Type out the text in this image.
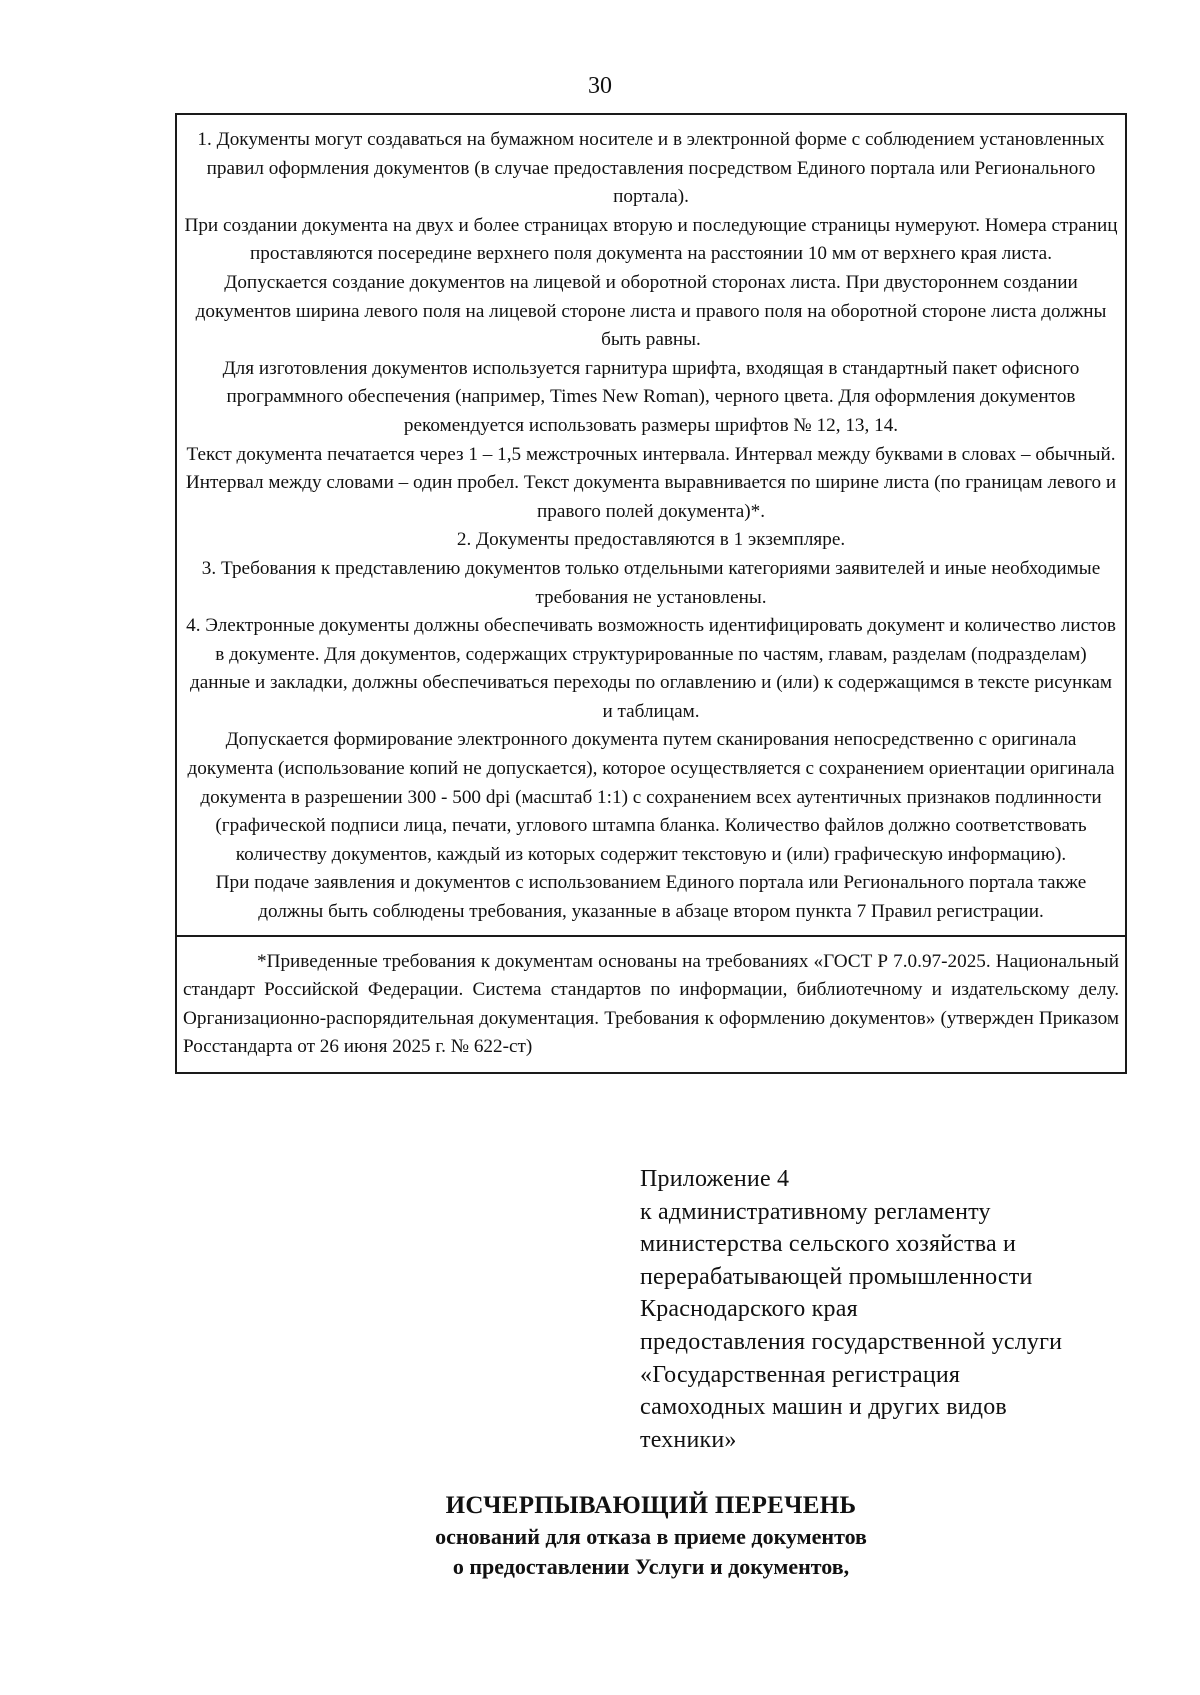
30

1. Документы могут создаваться на бумажном носителе и в электронной форме с соблюдением установленных правил оформления документов (в случае предоставления посредством Единого портала или Регионального портала).

При создании документа на двух и более страницах вторую и последующие страницы нумеруют. Номера страниц проставляются посередине верхнего поля документа на расстоянии 10 мм от верхнего края листа.

Допускается создание документов на лицевой и оборотной сторонах листа. При двустороннем создании документов ширина левого поля на лицевой стороне листа и правого поля на оборотной стороне листа должны быть равны.

Для изготовления документов используется гарнитура шрифта, входящая в стандартный пакет офисного программного обеспечения (например, Times New Roman), черного цвета. Для оформления документов рекомендуется использовать размеры шрифтов № 12, 13, 14.

Текст документа печатается через 1 – 1,5 межстрочных интервала. Интервал между буквами в словах – обычный. Интервал между словами – один пробел. Текст документа выравнивается по ширине листа (по границам левого и правого полей документа)*.

2. Документы предоставляются в 1 экземпляре.

3. Требования к представлению документов только отдельными категориями заявителей и иные необходимые требования не установлены.

4. Электронные документы должны обеспечивать возможность идентифицировать документ и количество листов в документе. Для документов, содержащих структурированные по частям, главам, разделам (подразделам) данные и закладки, должны обеспечиваться переходы по оглавлению и (или) к содержащимся в тексте рисункам и таблицам.

Допускается формирование электронного документа путем сканирования непосредственно с оригинала документа (использование копий не допускается), которое осуществляется с сохранением ориентации оригинала документа в разрешении 300 - 500 dpi (масштаб 1:1) с сохранением всех аутентичных признаков подлинности (графической подписи лица, печати, углового штампа бланка. Количество файлов должно соответствовать количеству документов, каждый из которых содержит текстовую и (или) графическую информацию).

При подаче заявления и документов с использованием Единого портала или Регионального портала также должны быть соблюдены требования, указанные в абзаце втором пункта 7 Правил регистрации.

*Приведенные требования к документам основаны на требованиях «ГОСТ Р 7.0.97-2025. Национальный стандарт Российской Федерации. Система стандартов по информации, библиотечному и издательскому делу. Организационно-распорядительная документация. Требования к оформлению документов» (утвержден Приказом Росстандарта от 26 июня 2025 г. № 622-ст)

Приложение 4

к административному регламенту

министерства сельского хозяйства и

перерабатывающей промышленности

Краснодарского края

предоставления государственной услуги

«Государственная регистрация

самоходных машин и других видов

техники»

ИСЧЕРПЫВАЮЩИЙ ПЕРЕЧЕНЬ
оснований для отказа в приеме документов
о предоставлении Услуги и документов,
